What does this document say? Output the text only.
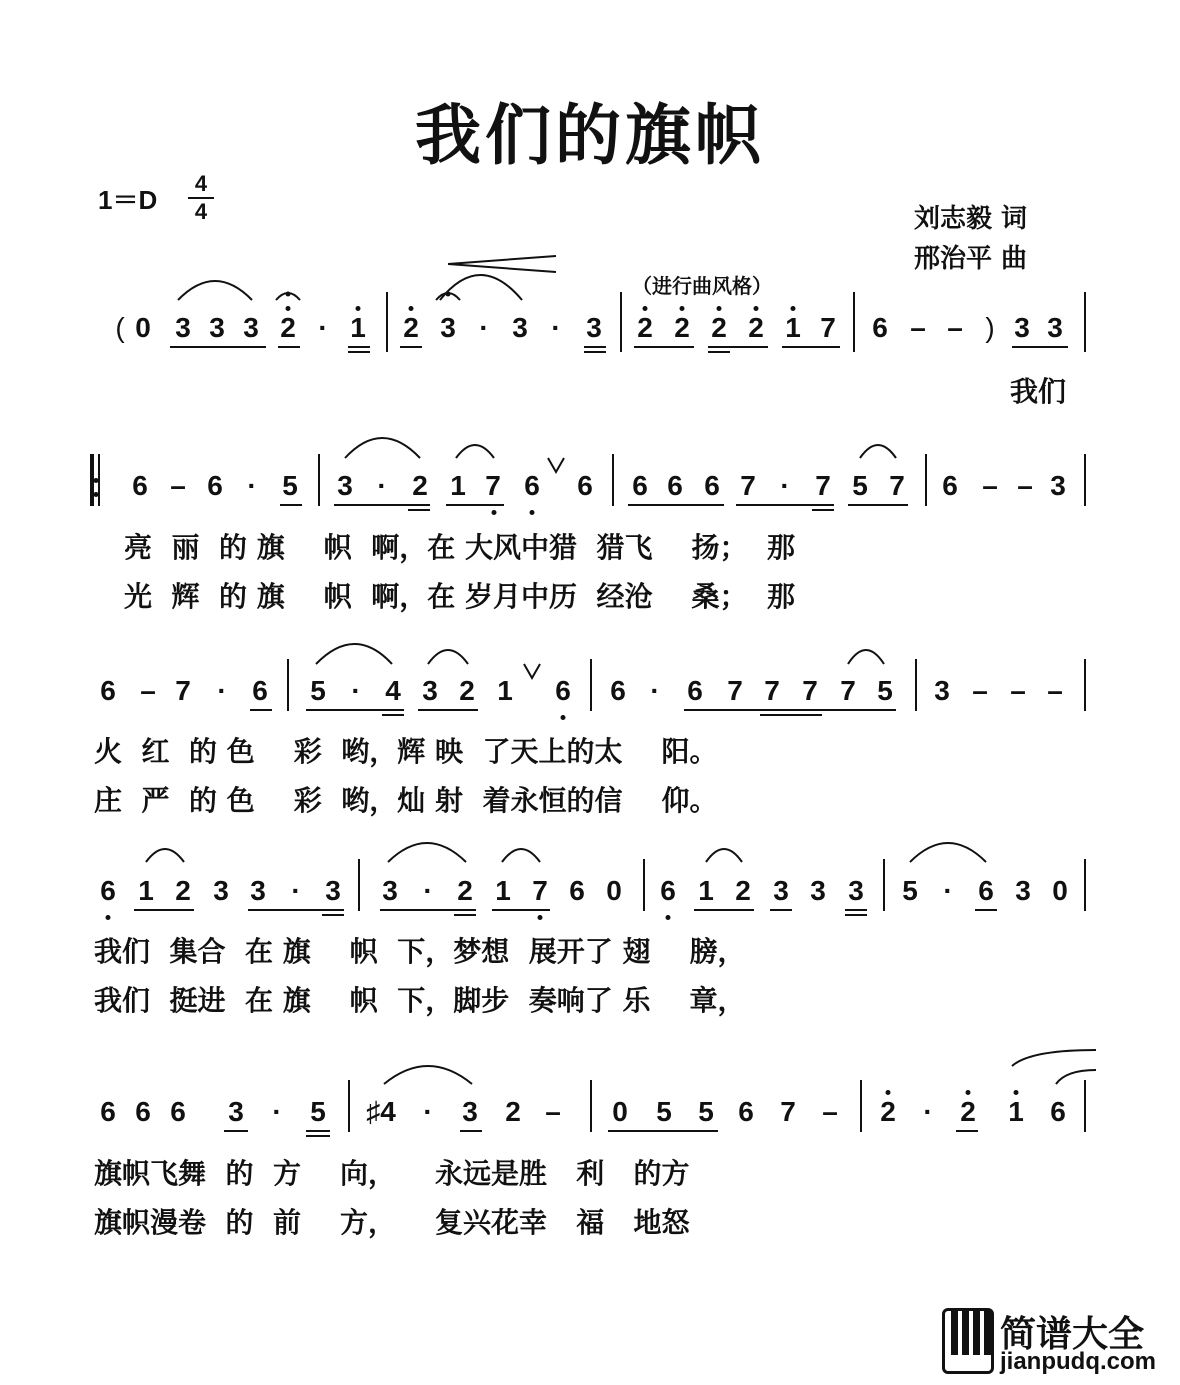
我们的旗帜
1＝D
4
4	刘志毅 词
邢治平 曲
（进行曲风格）
( 0 3 3 3 2 · 1 2 3 · 3 · 3 2 2 2 2 1 7 6 – – ) 3 3
我们
6 – 6 · 5 3 · 2 1 7 6 6 6 6 6 7 · 7 5 7 6 – – 3
亮  丽  的 旗    帜  啊，在 大风中猎  猎飞    扬；  那
光  辉  的 旗    帜  啊，在 岁月中历  经沧    桑；  那
6 – 7 · 6 5 · 4 3 2 1 6 6 · 6 7 7 7 7 5 3 – – –
火  红  的 色    彩  哟，辉 映  了天上的太    阳。
庄  严  的 色    彩  哟，灿 射  着永恒的信    仰。
6 1 2 3 3 · 3 3 · 2 1 7 6 0 6 1 2 3 3 3 5 · 6 3 0
我们  集合  在 旗    帜  下，梦想  展开了 翅    膀，
我们  挺进  在 旗    帜  下，脚步  奏响了 乐    章，
6 6 6 3 · 5 ♯4 · 3 2 – 0 5 5 6 7 – 2 · 2 1 6
旗帜飞舞  的  方    向，    永远是胜   利   的方
旗帜漫卷  的  前    方，    复兴花幸   福   地怒
简谱大全
jianpudq.com
